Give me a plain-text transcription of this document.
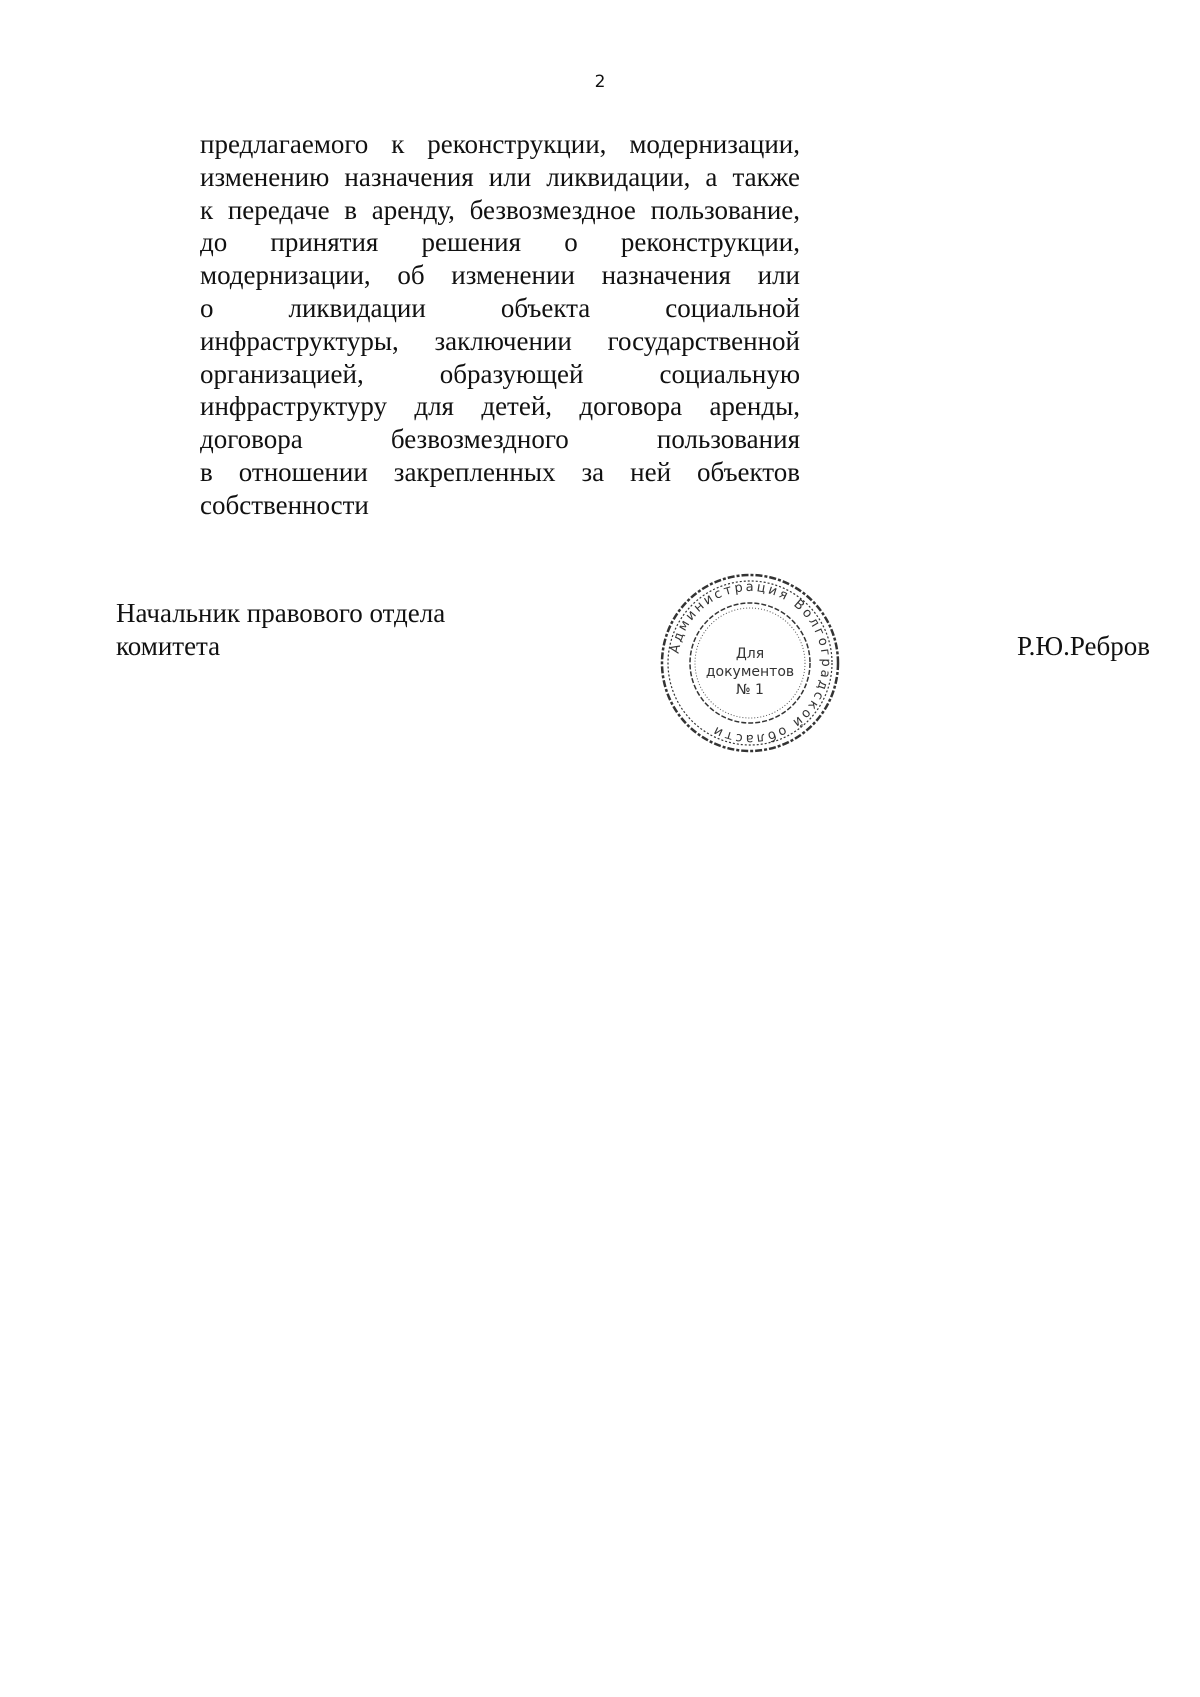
2
предлагаемого к реконструкции, модернизации,
изменению назначения или ликвидации, а также
к передаче в аренду, безвозмездное пользование,
до принятия решения о реконструкции,
модернизации, об изменении назначения или
о ликвидации объекта социальной
инфраструктуры, заключении государственной
организацией, образующей социальную
инфраструктуру для детей, договора аренды,
договора безвозмездного пользования
в отношении закрепленных за ней объектов
собственности
Начальник правового отдела
комитета	Администрация Волгоградской области
Для
документов
№ 1
Р.Ю.Ребров
